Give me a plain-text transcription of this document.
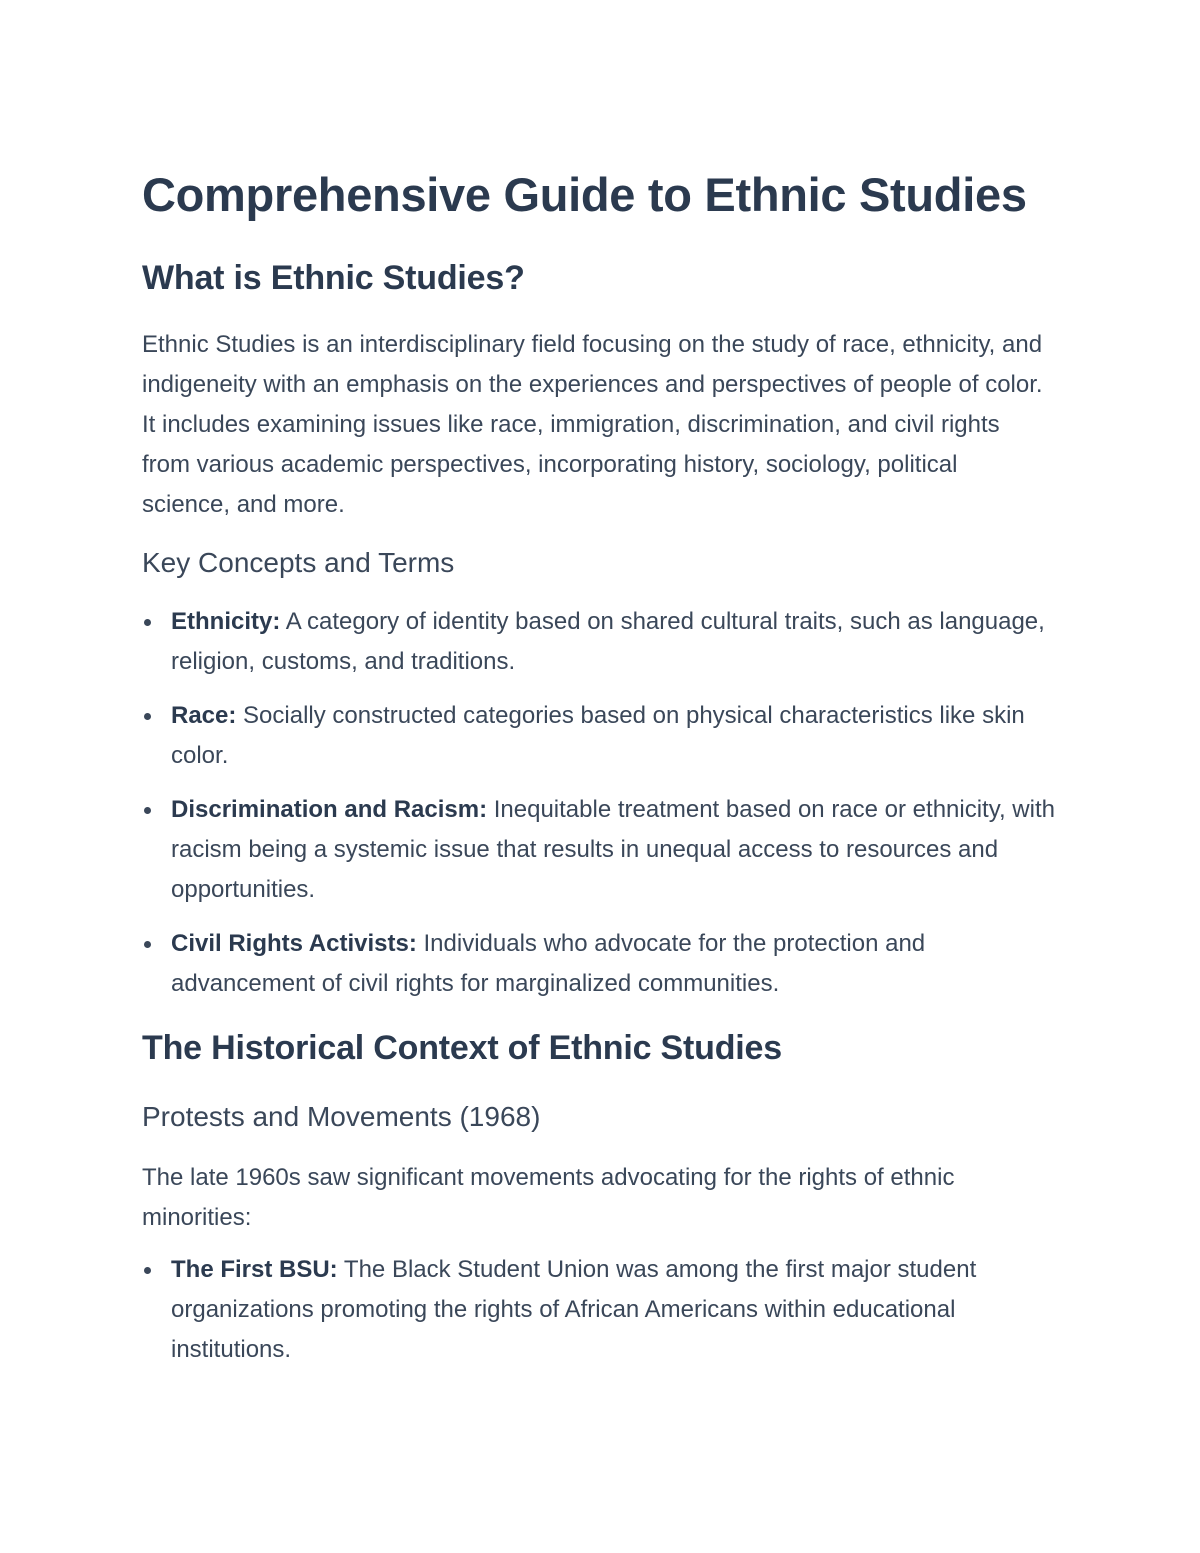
Comprehensive Guide to Ethnic Studies
What is Ethnic Studies?

Ethnic Studies is an interdisciplinary field focusing on the study of race, ethnicity, and indigeneity with an emphasis on the experiences and perspectives of people of color. It includes examining issues like race, immigration, discrimination, and civil rights from various academic perspectives, incorporating history, sociology, political science, and more.

Key Concepts and Terms
Ethnicity: A category of identity based on shared cultural traits, such as language, religion, customs, and traditions.
Race: Socially constructed categories based on physical characteristics like skin color.
Discrimination and Racism: Inequitable treatment based on race or ethnicity, with racism being a systemic issue that results in unequal access to resources and opportunities.
Civil Rights Activists: Individuals who advocate for the protection and advancement of civil rights for marginalized communities.
The Historical Context of Ethnic Studies
Protests and Movements (1968)

The late 1960s saw significant movements advocating for the rights of ethnic minorities:

The First BSU: The Black Student Union was among the first major student organizations promoting the rights of African Americans within educational institutions.
